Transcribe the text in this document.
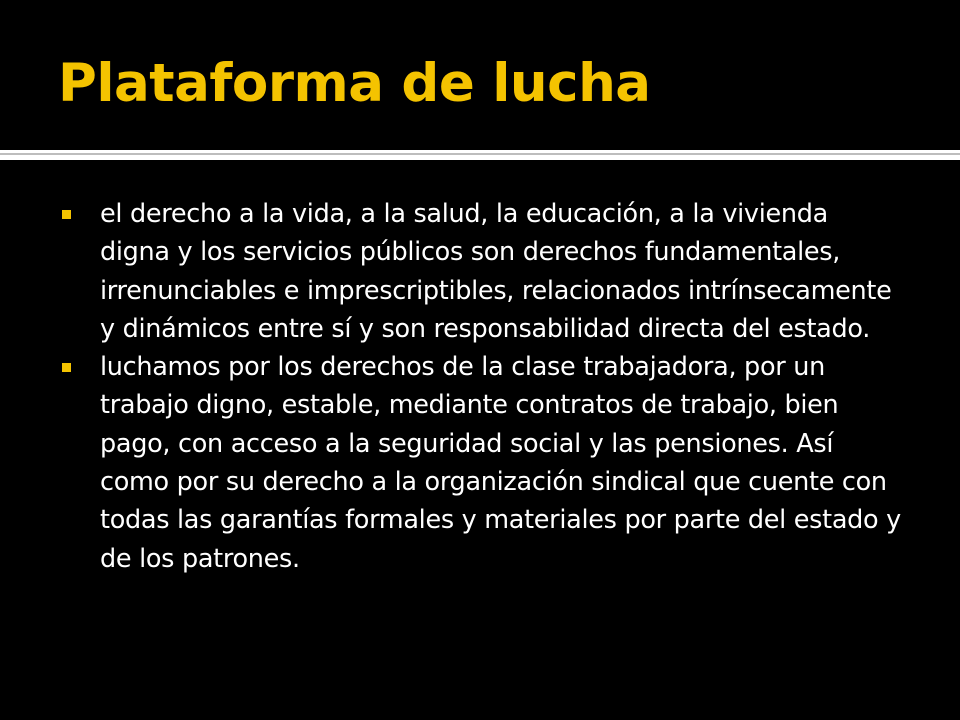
Plataforma de lucha
el derecho a la vida, a la salud, la educación, a la vivienda digna y los servicios públicos son derechos fundamentales, irrenunciables e imprescriptibles, relacionados intrínsecamente y dinámicos entre sí y son responsabilidad directa del estado.
luchamos por los derechos de la clase trabajadora, por un trabajo digno, estable, mediante contratos de trabajo, bien pago, con acceso a la seguridad social y las pensiones. Así como por su derecho a la organización sindical que cuente con todas las garantías formales y materiales por parte del estado y de los patrones.
